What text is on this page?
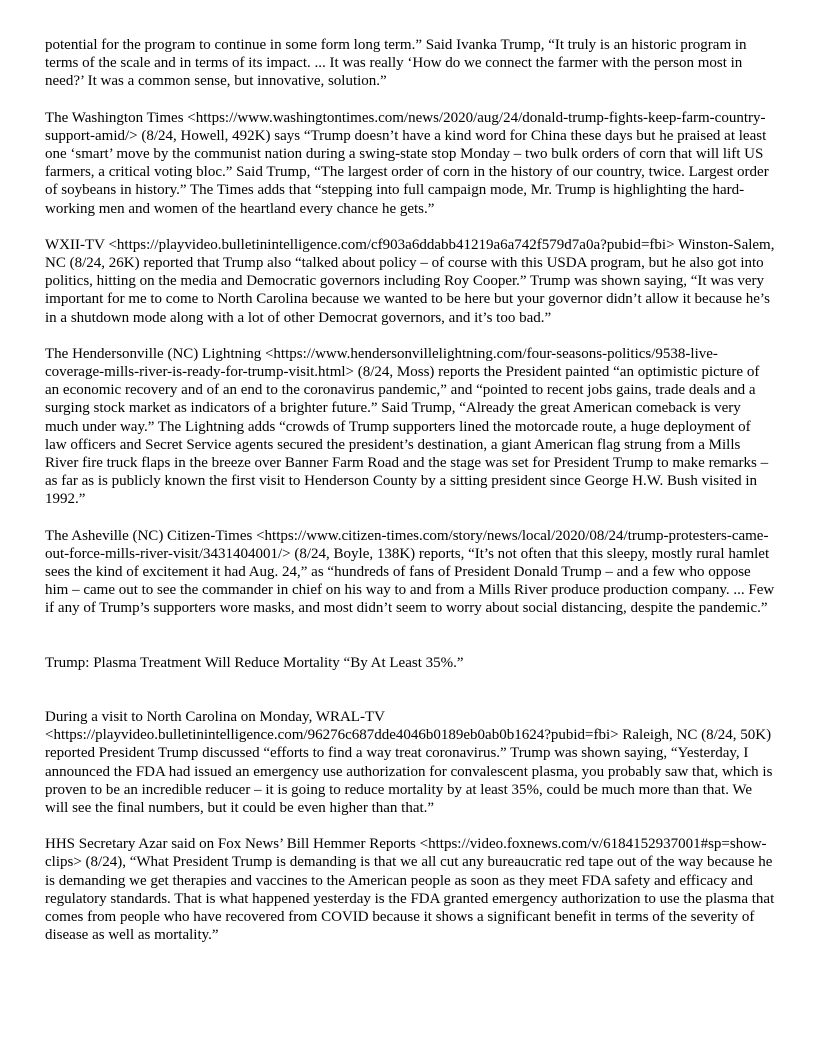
potential for the program to continue in some form long term.” Said Ivanka Trump, “It truly is an historic program in terms of the scale and in terms of its impact. ... It was really ‘How do we connect the farmer with the person most in need?’ It was a common sense, but innovative, solution.”

The Washington Times <https://www.washingtontimes.com/news/2020/aug/24/donald-trump-fights-keep-farm-country-support-amid/> (8/24, Howell, 492K) says “Trump doesn’t have a kind word for China these days but he praised at least one ‘smart’ move by the communist nation during a swing-state stop Monday – two bulk orders of corn that will lift US farmers, a critical voting bloc.” Said Trump, “The largest order of corn in the history of our country, twice. Largest order of soybeans in history.” The Times adds that “stepping into full campaign mode, Mr. Trump is highlighting the hard-working men and women of the heartland every chance he gets.”

WXII-TV <https://playvideo.bulletinintelligence.com/cf903a6ddabb41219a6a742f579d7a0a?pubid=fbi> Winston-Salem, NC (8/24, 26K) reported that Trump also “talked about policy – of course with this USDA program, but he also got into politics, hitting on the media and Democratic governors including Roy Cooper.” Trump was shown saying, “It was very important for me to come to North Carolina because we wanted to be here but your governor didn’t allow it because he’s in a shutdown mode along with a lot of other Democrat governors, and it’s too bad.”

The Hendersonville (NC) Lightning <https://www.hendersonvillelightning.com/four-seasons-politics/9538-live-coverage-mills-river-is-ready-for-trump-visit.html> (8/24, Moss) reports the President painted “an optimistic picture of an economic recovery and of an end to the coronavirus pandemic,” and “pointed to recent jobs gains, trade deals and a surging stock market as indicators of a brighter future.” Said Trump, “Already the great American comeback is very much under way.” The Lightning adds “crowds of Trump supporters lined the motorcade route, a huge deployment of law officers and Secret Service agents secured the president’s destination, a giant American flag strung from a Mills River fire truck flaps in the breeze over Banner Farm Road and the stage was set for President Trump to make remarks – as far as is publicly known the first visit to Henderson County by a sitting president since George H.W. Bush visited in 1992.”

The Asheville (NC) Citizen-Times <https://www.citizen-times.com/story/news/local/2020/08/24/trump-protesters-came-out-force-mills-river-visit/3431404001/> (8/24, Boyle, 138K) reports, “It’s not often that this sleepy, mostly rural hamlet sees the kind of excitement it had Aug. 24,” as “hundreds of fans of President Donald Trump – and a few who oppose him – came out to see the commander in chief on his way to and from a Mills River produce production company. ... Few if any of Trump’s supporters wore masks, and most didn’t seem to worry about social distancing, despite the pandemic.”

Trump: Plasma Treatment Will Reduce Mortality “By At Least 35%.”

During a visit to North Carolina on Monday, WRAL-TV <https://playvideo.bulletinintelligence.com/96276c687dde4046b0189eb0ab0b1624?pubid=fbi> Raleigh, NC (8/24, 50K) reported President Trump discussed “efforts to find a way treat coronavirus.” Trump was shown saying, “Yesterday, I announced the FDA had issued an emergency use authorization for convalescent plasma, you probably saw that, which is proven to be an incredible reducer – it is going to reduce mortality by at least 35%, could be much more than that. We will see the final numbers, but it could be even higher than that.”

HHS Secretary Azar said on Fox News’ Bill Hemmer Reports <https://video.foxnews.com/v/6184152937001#sp=show-clips> (8/24), “What President Trump is demanding is that we all cut any bureaucratic red tape out of the way because he is demanding we get therapies and vaccines to the American people as soon as they meet FDA safety and efficacy and regulatory standards. That is what happened yesterday is the FDA granted emergency authorization to use the plasma that comes from people who have recovered from COVID because it shows a significant benefit in terms of the severity of disease as well as mortality.”
